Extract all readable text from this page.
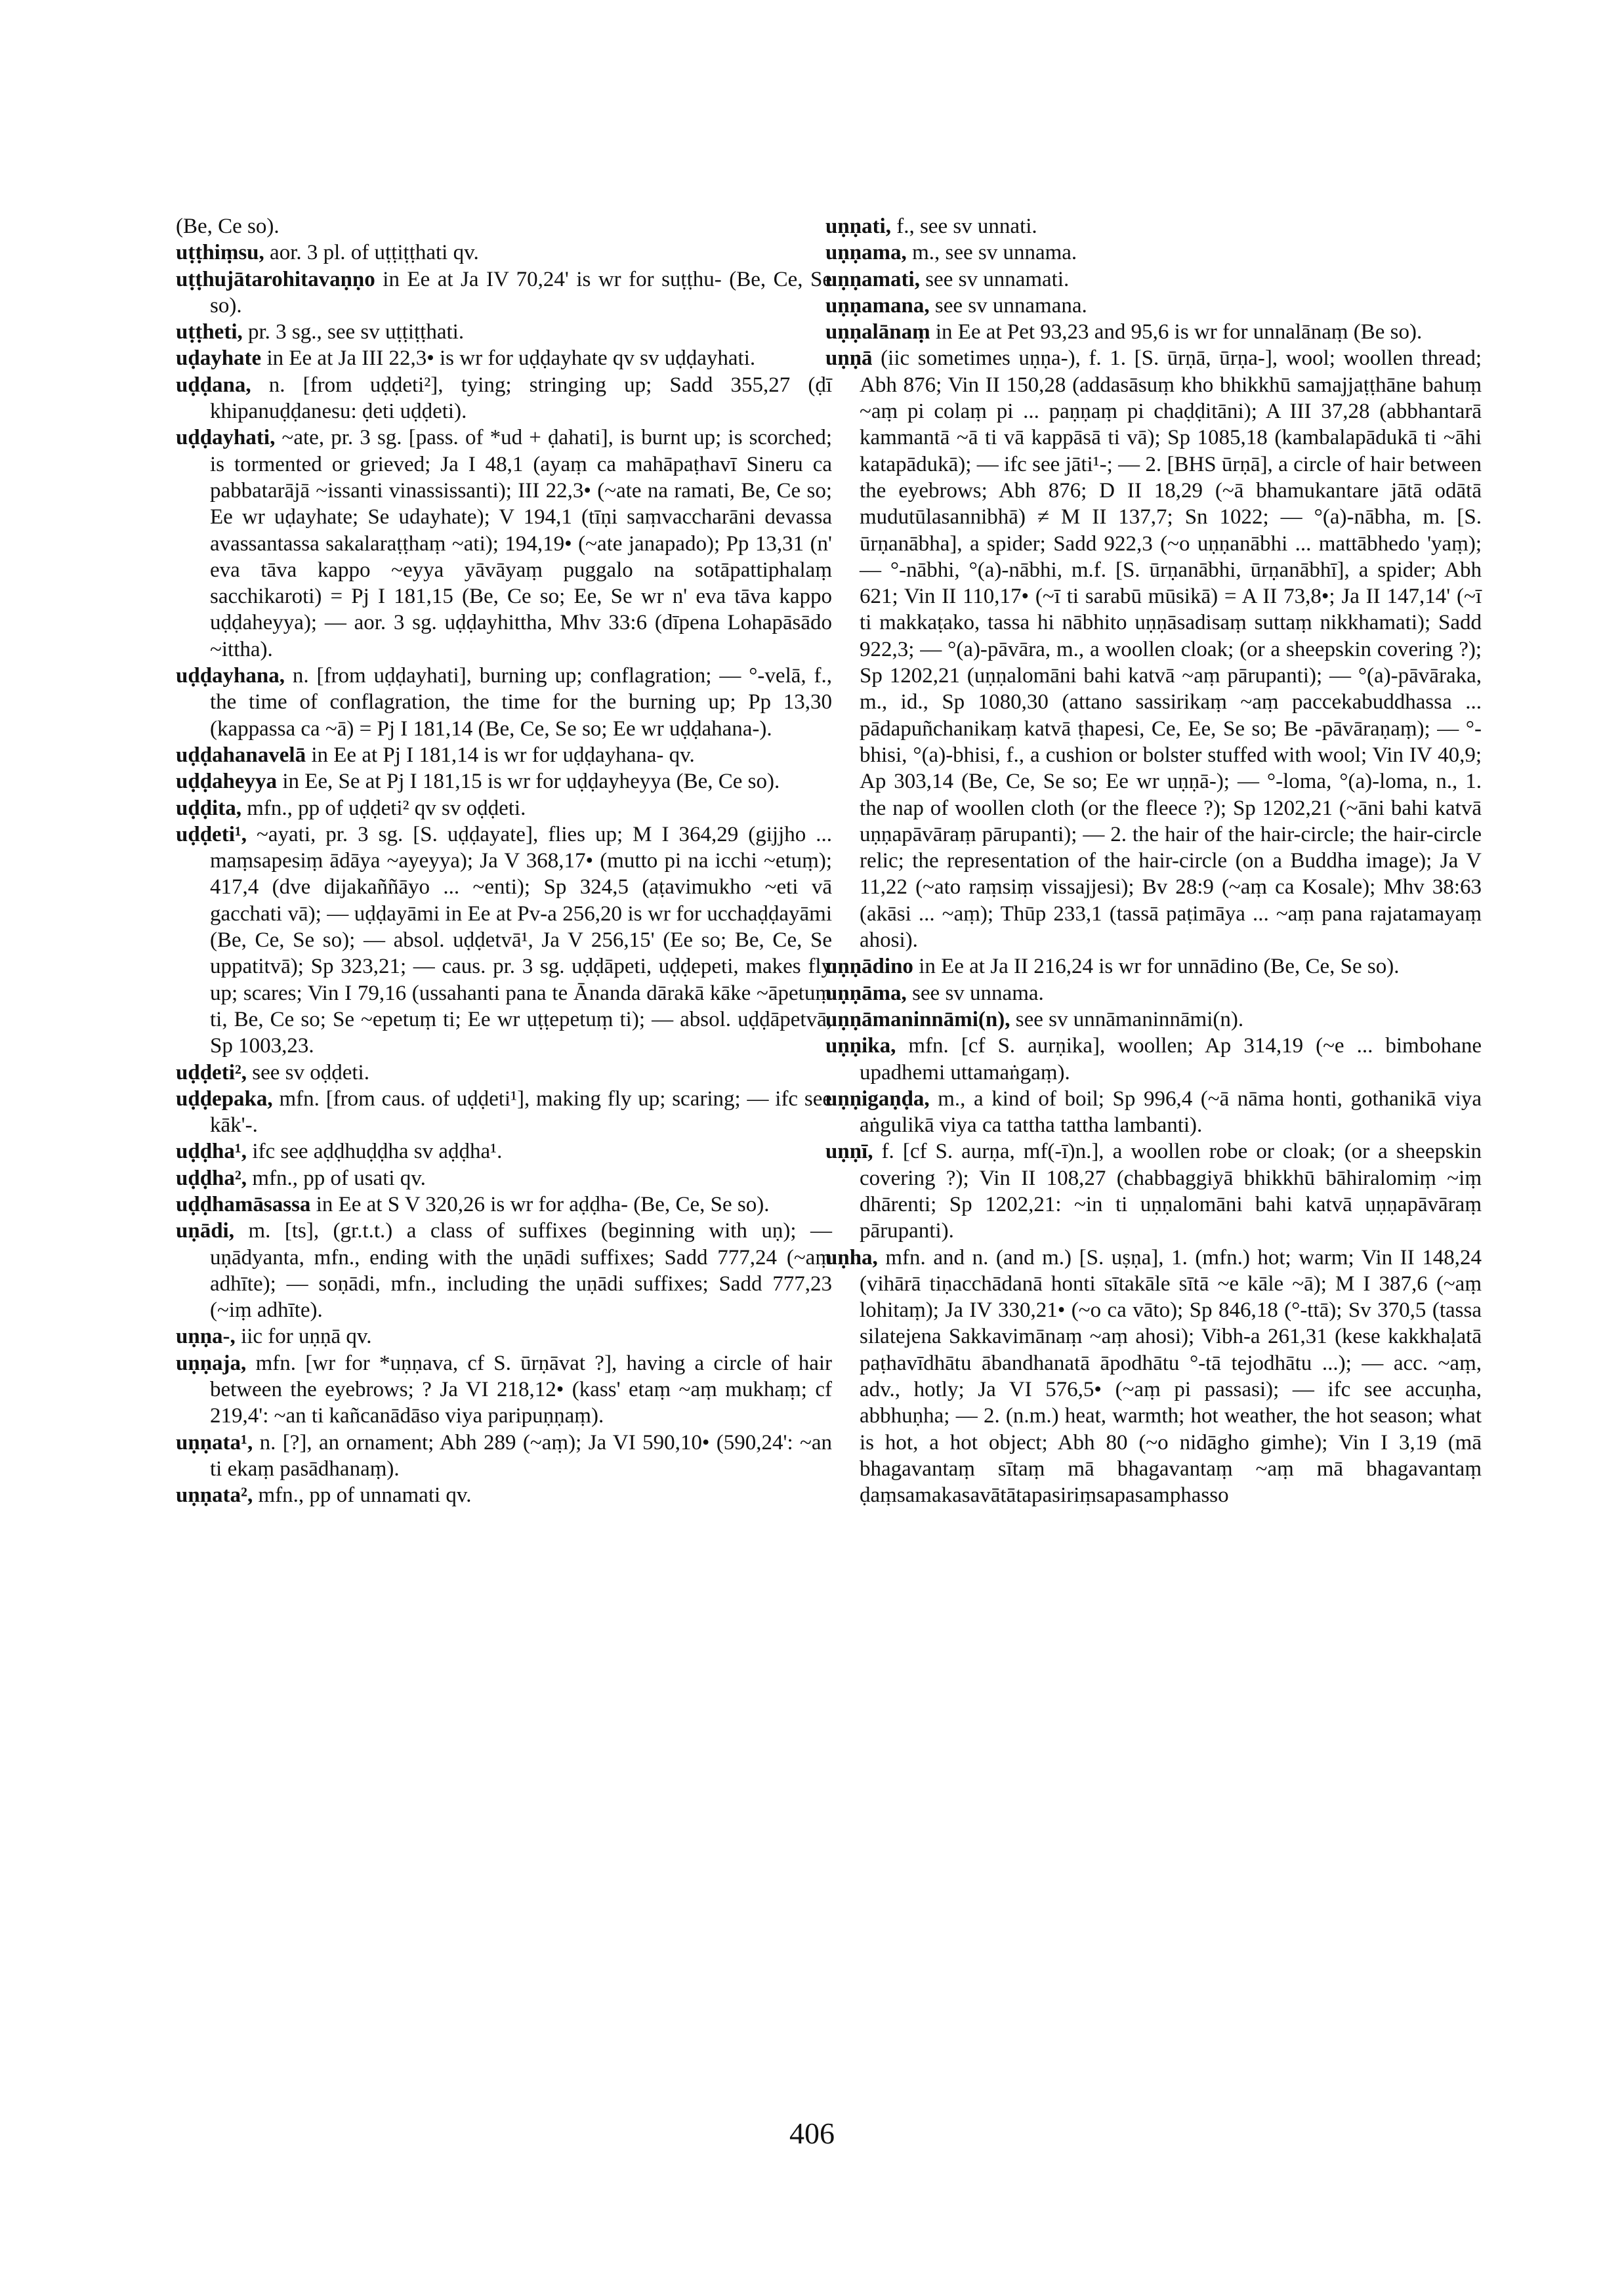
(Be, Ce so).

uṭṭhiṃsu, aor. 3 pl. of uṭṭiṭṭhati qv.

uṭṭhujātarohitavaṇṇo in Ee at Ja IV 70,24' is wr for suṭṭhu- (Be, Ce, Se so).

uṭṭheti, pr. 3 sg., see sv uṭṭiṭṭhati.

uḍayhate in Ee at Ja III 22,3• is wr for uḍḍayhate qv sv uḍḍayhati.

uḍḍana, n. [from uḍḍeti²], tying; stringing up; Sadd 355,27 (ḍī khipanuḍḍanesu: ḍeti uḍḍeti).

uḍḍayhati, ~ate, pr. 3 sg. [pass. of *ud + ḍahati], is burnt up; is scorched; is tormented or grieved; Ja I 48,1 (ayaṃ ca mahāpaṭhavī Sineru ca pabbatarājā ~issanti vinassissanti); III 22,3• (~ate na ramati, Be, Ce so; Ee wr uḍayhate; Se udayhate); V 194,1 (tīṇi saṃvaccharāni devassa avassantassa sakalaraṭṭhaṃ ~ati); 194,19• (~ate janapado); Pp 13,31 (n' eva tāva kappo ~eyya yāvāyaṃ puggalo na sotāpattiphalaṃ sacchikaroti) = Pj I 181,15 (Be, Ce so; Ee, Se wr n' eva tāva kappo uḍḍaheyya); — aor. 3 sg. uḍḍayhittha, Mhv 33:6 (dīpena Lohapāsādo ~ittha).

uḍḍayhana, n. [from uḍḍayhati], burning up; conflagration; — °-velā, f., the time of conflagration, the time for the burning up; Pp 13,30 (kappassa ca ~ā) = Pj I 181,14 (Be, Ce, Se so; Ee wr uḍḍahana-).

uḍḍahanavelā in Ee at Pj I 181,14 is wr for uḍḍayhana- qv.

uḍḍaheyya in Ee, Se at Pj I 181,15 is wr for uḍḍayheyya (Be, Ce so).

uḍḍita, mfn., pp of uḍḍeti² qv sv oḍḍeti.

uḍḍeti¹, ~ayati, pr. 3 sg. [S. uḍḍayate], flies up; M I 364,29 (gijjho ... maṃsapesiṃ ādāya ~ayeyya); Ja V 368,17• (mutto pi na icchi ~etuṃ); 417,4 (dve dijakaññāyo ... ~enti); Sp 324,5 (aṭavimukho ~eti vā gacchati vā); — uḍḍayāmi in Ee at Pv-a 256,20 is wr for ucchaḍḍayāmi (Be, Ce, Se so); — absol. uḍḍetvā¹, Ja V 256,15' (Ee so; Be, Ce, Se uppatitvā); Sp 323,21; — caus. pr. 3 sg. uḍḍāpeti, uḍḍepeti, makes fly up; scares; Vin I 79,16 (ussahanti pana te Ānanda dārakā kāke ~āpetuṃ ti, Be, Ce so; Se ~epetuṃ ti; Ee wr uṭṭepetuṃ ti); — absol. uḍḍāpetvā, Sp 1003,23.

uḍḍeti², see sv oḍḍeti.

uḍḍepaka, mfn. [from caus. of uḍḍeti¹], making fly up; scaring; — ifc see kāk'-.

uḍḍha¹, ifc see aḍḍhuḍḍha sv aḍḍha¹.

uḍḍha², mfn., pp of usati qv.

uḍḍhamāsassa in Ee at S V 320,26 is wr for aḍḍha- (Be, Ce, Se so).

uṇādi, m. [ts], (gr.t.t.) a class of suffixes (beginning with uṇ); — uṇādyanta, mfn., ending with the uṇādi suffixes; Sadd 777,24 (~aṃ adhīte); — soṇādi, mfn., including the uṇādi suffixes; Sadd 777,23 (~iṃ adhīte).

uṇṇa-, iic for uṇṇā qv.

uṇṇaja, mfn. [wr for *uṇṇava, cf S. ūrṇāvat ?], having a circle of hair between the eyebrows; ? Ja VI 218,12• (kass' etaṃ ~aṃ mukhaṃ; cf 219,4': ~an ti kañcanādāso viya paripuṇṇaṃ).

uṇṇata¹, n. [?], an ornament; Abh 289 (~aṃ); Ja VI 590,10• (590,24': ~an ti ekaṃ pasādhanaṃ).

uṇṇata², mfn., pp of unnamati qv.

uṇṇati, f., see sv unnati.

uṇṇama, m., see sv unnama.

uṇṇamati, see sv unnamati.

uṇṇamana, see sv unnamana.

uṇṇalānaṃ in Ee at Pet 93,23 and 95,6 is wr for unnalānaṃ (Be so).

uṇṇā (iic sometimes uṇṇa-), f. 1. [S. ūrṇā, ūrṇa-], wool; woollen thread; Abh 876; Vin II 150,28 (addasāsuṃ kho bhikkhū samajjaṭṭhāne bahuṃ ~aṃ pi colaṃ pi ... paṇṇaṃ pi chaḍḍitāni); A III 37,28 (abbhantarā kammantā ~ā ti vā kappāsā ti vā); Sp 1085,18 (kambalapādukā ti ~āhi katapādukā); — ifc see jāti¹-; — 2. [BHS ūrṇā], a circle of hair between the eyebrows; Abh 876; D II 18,29 (~ā bhamukantare jātā odātā mudutūlasannibhā) ≠ M II 137,7; Sn 1022; — °(a)-nābha, m. [S. ūrṇanābha], a spider; Sadd 922,3 (~o uṇṇanābhi ... mattābhedo 'yaṃ); — °-nābhi, °(a)-nābhi, m.f. [S. ūrṇanābhi, ūrṇanābhī], a spider; Abh 621; Vin II 110,17• (~ī ti sarabū mūsikā) = A II 73,8•; Ja II 147,14' (~ī ti makkaṭako, tassa hi nābhito uṇṇāsadisaṃ suttaṃ nikkhamati); Sadd 922,3; — °(a)-pāvāra, m., a woollen cloak; (or a sheepskin covering ?); Sp 1202,21 (uṇṇalomāni bahi katvā ~aṃ pārupanti); — °(a)-pāvāraka, m., id., Sp 1080,30 (attano sassirikaṃ ~aṃ paccekabuddhassa ... pādapuñchanikaṃ katvā ṭhapesi, Ce, Ee, Se so; Be -pāvāraṇaṃ); — °-bhisi, °(a)-bhisi, f., a cushion or bolster stuffed with wool; Vin IV 40,9; Ap 303,14 (Be, Ce, Se so; Ee wr uṇṇā-); — °-loma, °(a)-loma, n., 1. the nap of woollen cloth (or the fleece ?); Sp 1202,21 (~āni bahi katvā uṇṇapāvāraṃ pārupanti); — 2. the hair of the hair-circle; the hair-circle relic; the representation of the hair-circle (on a Buddha image); Ja V 11,22 (~ato raṃsiṃ vissajjesi); Bv 28:9 (~aṃ ca Kosale); Mhv 38:63 (akāsi ... ~aṃ); Thūp 233,1 (tassā paṭimāya ... ~aṃ pana rajatamayaṃ ahosi).

uṇṇādino in Ee at Ja II 216,24 is wr for unnādino (Be, Ce, Se so).

uṇṇāma, see sv unnama.

uṇṇāmaninnāmi(n), see sv unnāmaninnāmi(n).

uṇṇika, mfn. [cf S. aurṇika], woollen; Ap 314,19 (~e ... bimbohane upadhemi uttamaṅgaṃ).

uṇṇigaṇḍa, m., a kind of boil; Sp 996,4 (~ā nāma honti, gothanikā viya aṅgulikā viya ca tattha tattha lambanti).

uṇṇī, f. [cf S. aurṇa, mf(-ī)n.], a woollen robe or cloak; (or a sheepskin covering ?); Vin II 108,27 (chabbaggiyā bhikkhū bāhiralomiṃ ~iṃ dhārenti; Sp 1202,21: ~in ti uṇṇalomāni bahi katvā uṇṇapāvāraṃ pārupanti).

uṇha, mfn. and n. (and m.) [S. uṣṇa], 1. (mfn.) hot; warm; Vin II 148,24 (vihārā tiṇacchādanā honti sītakāle sītā ~e kāle ~ā); M I 387,6 (~aṃ lohitaṃ); Ja IV 330,21• (~o ca vāto); Sp 846,18 (°-ttā); Sv 370,5 (tassa silatejena Sakkavimānaṃ ~aṃ ahosi); Vibh-a 261,31 (kese kakkhaḷatā paṭhavīdhātu ābandhanatā āpodhātu °-tā tejodhātu ...); — acc. ~aṃ, adv., hotly; Ja VI 576,5• (~aṃ pi passasi); — ifc see accuṇha, abbhuṇha; — 2. (n.m.) heat, warmth; hot weather, the hot season; what is hot, a hot object; Abh 80 (~o nidāgho gimhe); Vin I 3,19 (mā bhagavantaṃ sītaṃ mā bhagavantaṃ ~aṃ mā bhagavantaṃ ḍaṃsamakasavātātapasiriṃsapasamphasso

406
